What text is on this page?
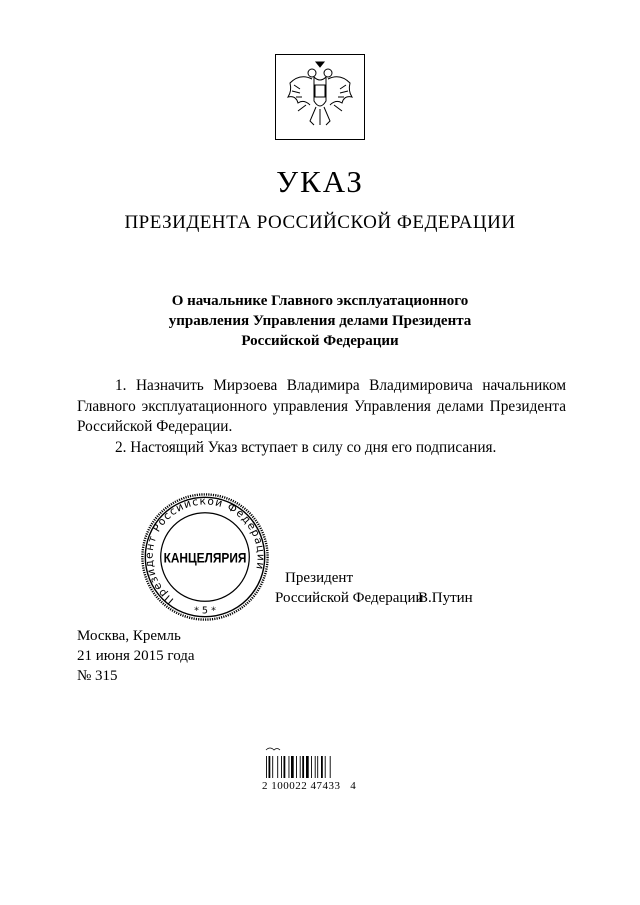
УКАЗ
ПРЕЗИДЕНТА РОССИЙСКОЙ ФЕДЕРАЦИИ
О начальнике Главного эксплуатационного
управления Управления делами Президента
Российской Федерации

1. Назначить Мирзоева Владимира Владимировича начальником Главного эксплуатационного управления Управления делами Президента Российской Федерации.

2. Настоящий Указ вступает в силу со дня его подписания.

Президент
Российской Федерации
В.Путин
Президент Российской Федерации
КАНЦЕЛЯРИЯ
* 5 *
Москва, Кремль
21 июня 2015 года
№ 315
2 100022 47433   4
